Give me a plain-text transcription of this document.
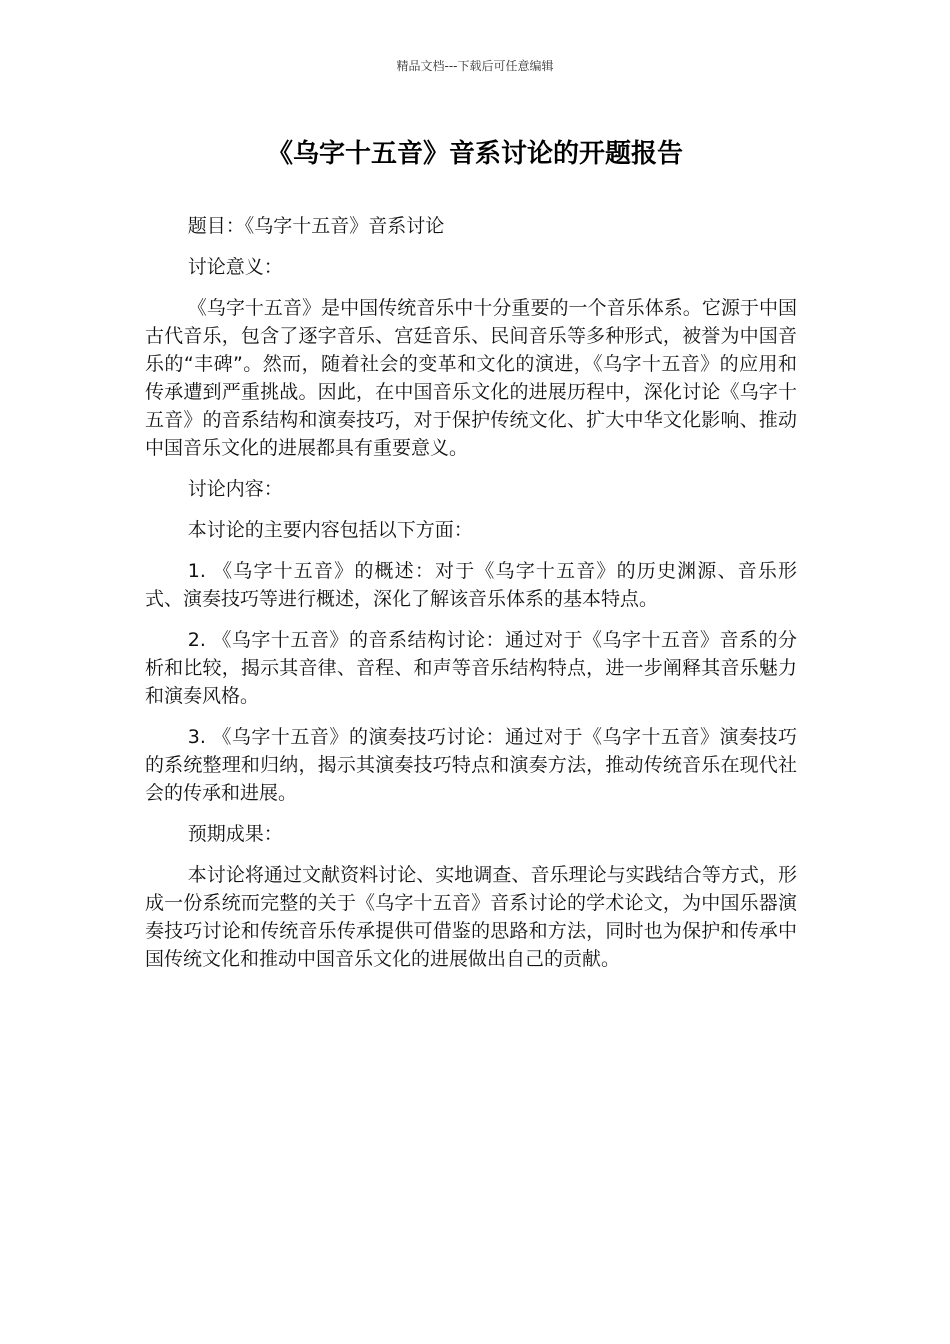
精品文档---下载后可任意编辑
《乌字十五音》音系讨论的开题报告

题目：《乌字十五音》音系讨论

讨论意义：

《乌字十五音》是中国传统音乐中十分重要的一个音乐体系。它源于中国古代音乐，包含了逐字音乐、宫廷音乐、民间音乐等多种形式，被誉为中国音乐的“丰碑”。然而，随着社会的变革和文化的演进，《乌字十五音》的应用和传承遭到严重挑战。因此，在中国音乐文化的进展历程中，深化讨论《乌字十五音》的音系结构和演奏技巧，对于保护传统文化、扩大中华文化影响、推动中国音乐文化的进展都具有重要意义。

讨论内容：

本讨论的主要内容包括以下方面：

1. 《乌字十五音》的概述：对于《乌字十五音》的历史渊源、音乐形式、演奏技巧等进行概述，深化了解该音乐体系的基本特点。

2. 《乌字十五音》的音系结构讨论：通过对于《乌字十五音》音系的分析和比较，揭示其音律、音程、和声等音乐结构特点，进一步阐释其音乐魅力和演奏风格。

3. 《乌字十五音》的演奏技巧讨论：通过对于《乌字十五音》演奏技巧的系统整理和归纳，揭示其演奏技巧特点和演奏方法，推动传统音乐在现代社会的传承和进展。

预期成果：

本讨论将通过文献资料讨论、实地调查、音乐理论与实践结合等方式，形成一份系统而完整的关于《乌字十五音》音系讨论的学术论文，为中国乐器演奏技巧讨论和传统音乐传承提供可借鉴的思路和方法，同时也为保护和传承中国传统文化和推动中国音乐文化的进展做出自己的贡献。
